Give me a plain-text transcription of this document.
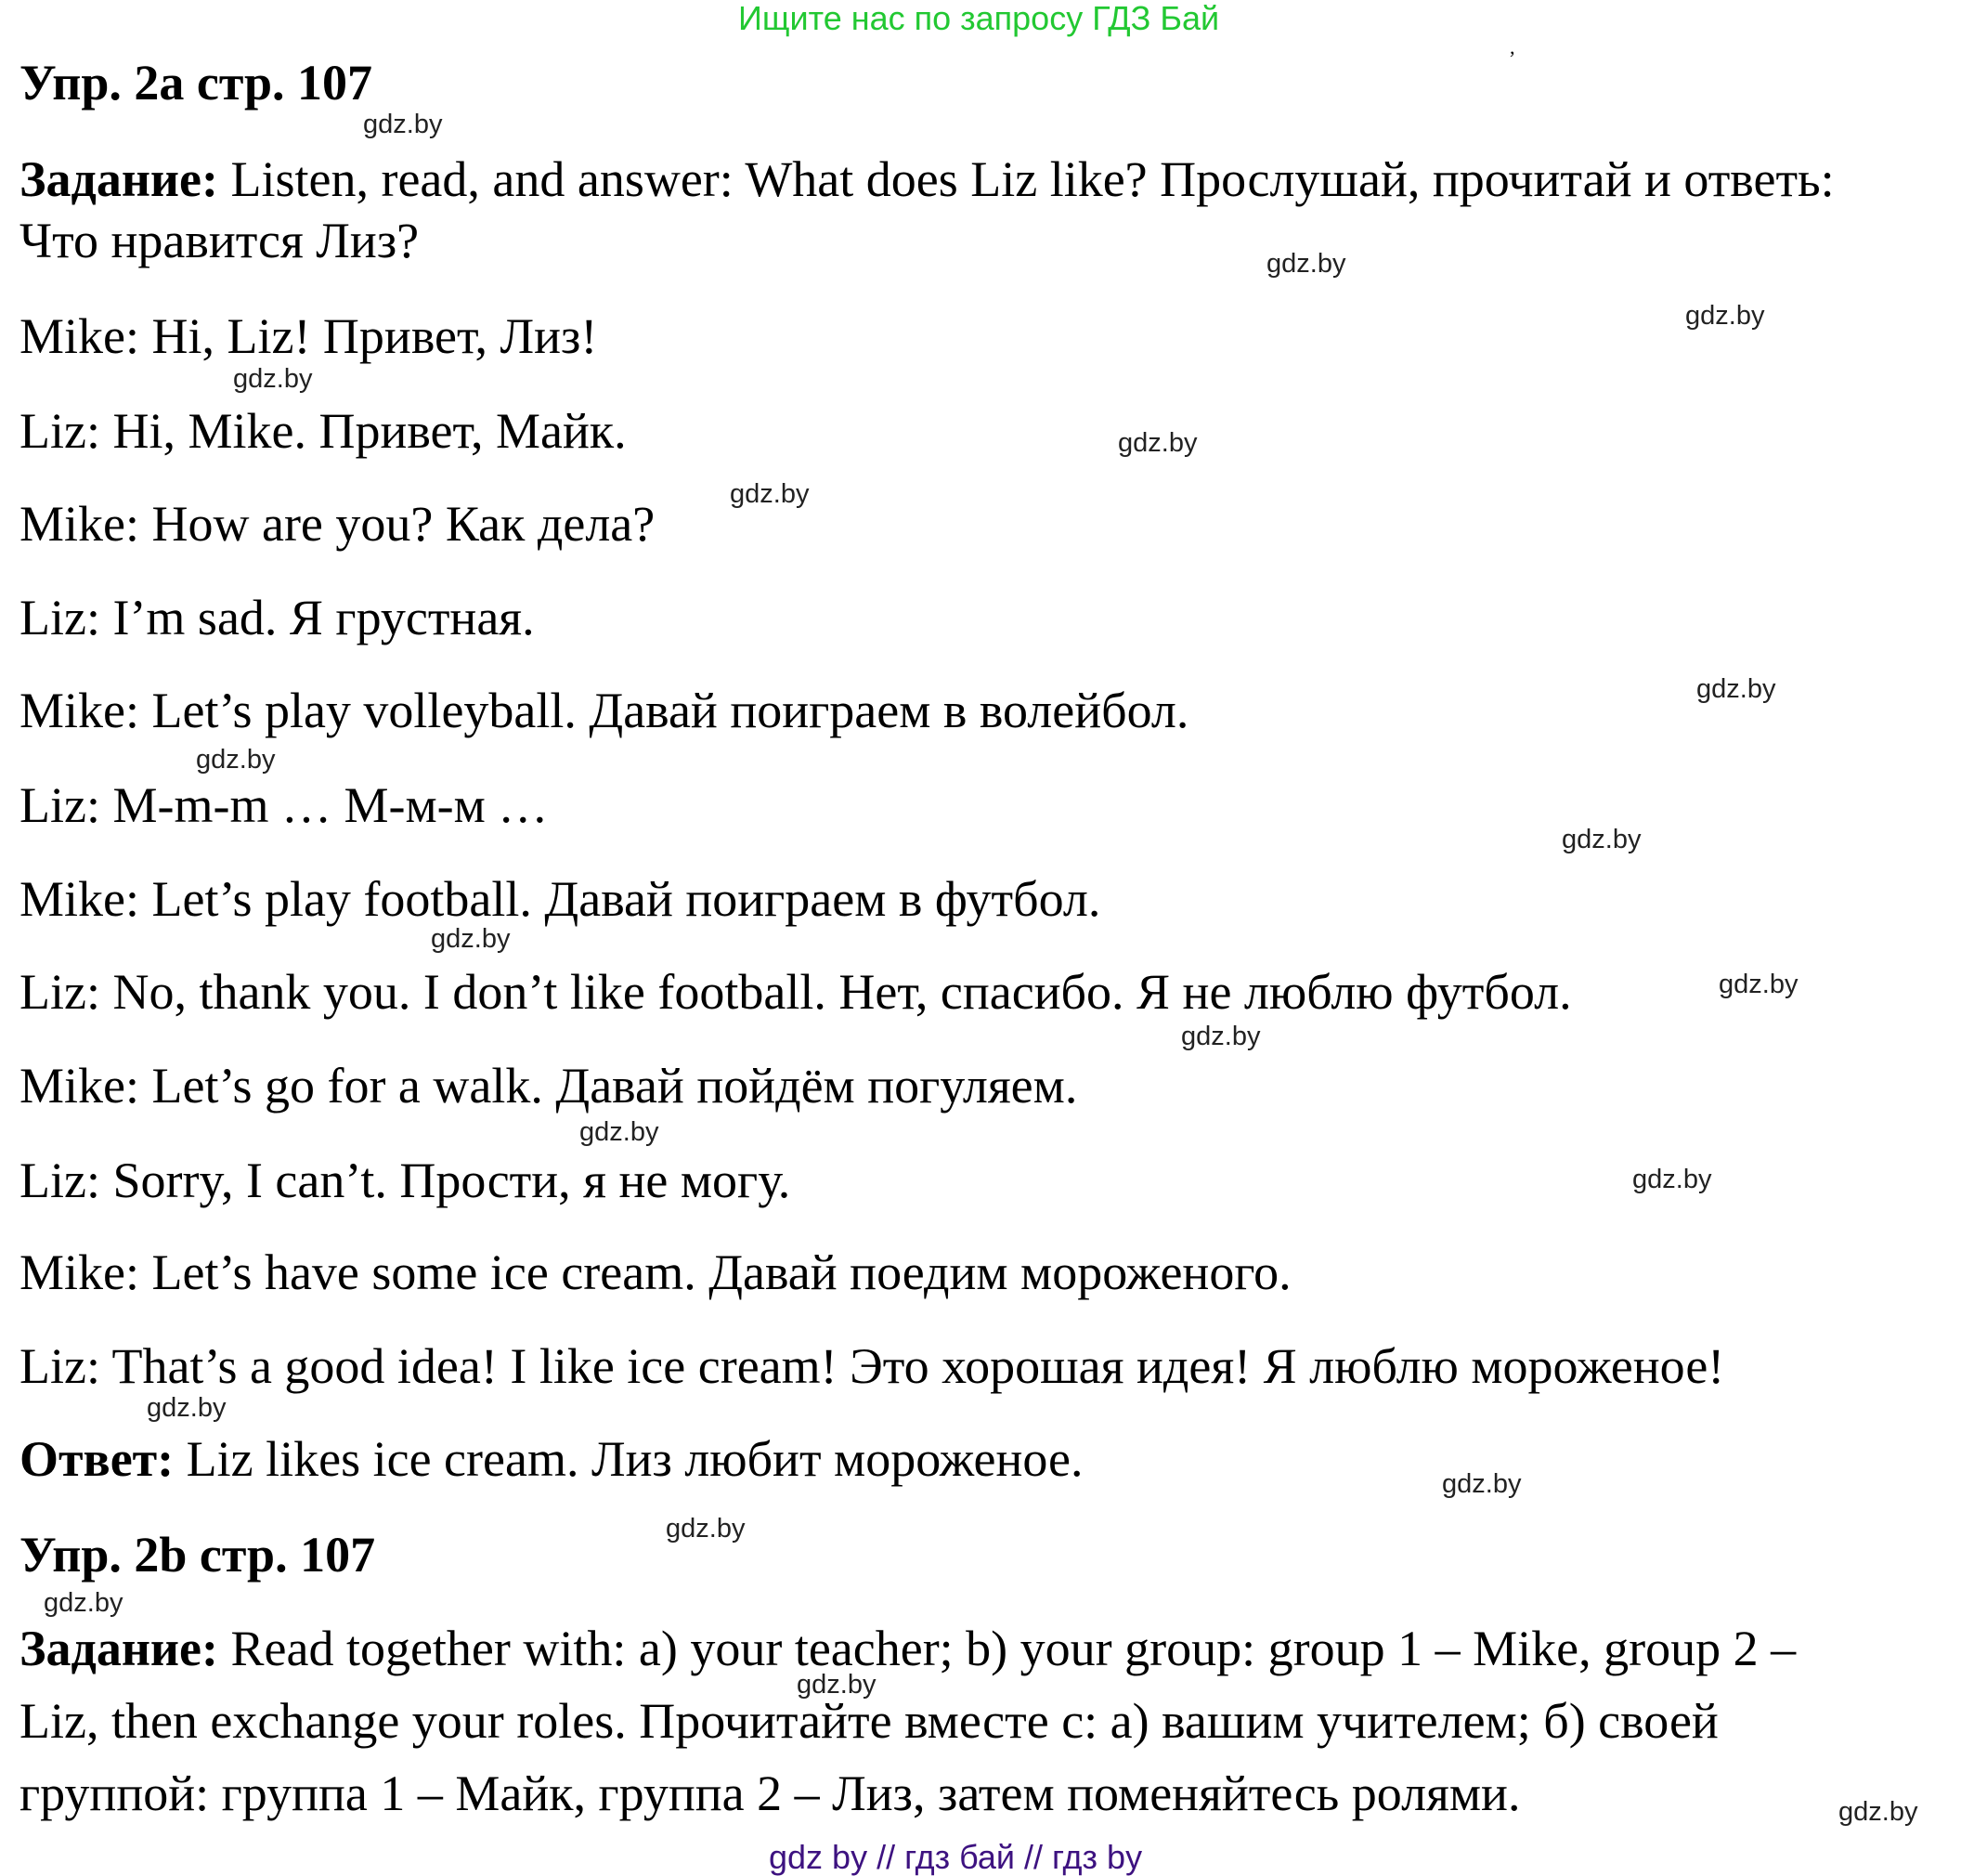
Ищите нас по запросу ГДЗ Бай
,
Упр. 2a стр. 107
Задание: Listen, read, and answer: What does Liz like? Прослушай, прочитай и ответь:
Что нравится Лиз?
Mike: Hi, Liz! Привет, Лиз!
Liz: Hi, Mike. Привет, Майк.
Mike: How are you? Как дела?
Liz: I’m sad. Я грустная.
Mike: Let’s play volleyball. Давай поиграем в волейбол.
Liz: M-m-m … М-м-м …
Mike: Let’s play football. Давай поиграем в футбол.
Liz: No, thank you. I don’t like football. Нет, спасибо. Я не люблю футбол.
Mike: Let’s go for a walk. Давай пойдём погуляем.
Liz: Sorry, I can’t. Прости, я не могу.
Mike: Let’s have some ice cream. Давай поедим мороженого.
Liz: That’s a good idea! I like ice cream! Это хорошая идея! Я люблю мороженое!
Ответ: Liz likes ice cream. Лиз любит мороженое.
Упр. 2b стр. 107
Задание: Read together with: a) your teacher; b) your group: group 1 – Mike, group 2 –
Liz, then exchange your roles. Прочитайте вместе с: а) вашим учителем; б) своей
группой: группа 1 – Майк, группа 2 – Лиз, затем поменяйтесь ролями.
gdz.by
gdz.by
gdz.by
gdz.by
gdz.by
gdz.by
gdz.by
gdz.by
gdz.by
gdz.by
gdz.by
gdz.by
gdz.by
gdz.by
gdz.by
gdz.by
gdz.by
gdz.by
gdz.by
gdz.by
gdz by // гдз бай // гдз by
